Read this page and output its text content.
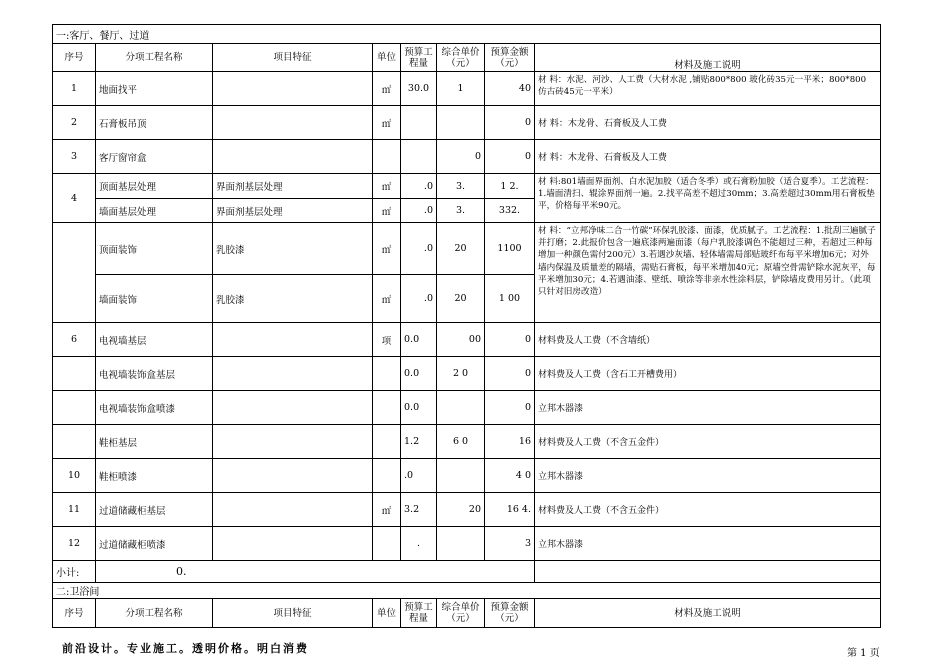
一:客厅、餐厅、过道							
序号	分项工程名称	项目特征	单位	预算工程量	综合单价（元）	预算金额（元）	材料及施工说明
1	地面找平		㎡	30.0	1	40	材 料：水泥、河沙、人工费（大材水泥 ,铺贴800*800 玻化砖35元一平米；800*800 仿古砖45元一平米）
2	石膏板吊顶		㎡			0	材 料：木龙骨、石膏板及人工费
3	客厅窗帘盒				0	0	材 料：木龙骨、石膏板及人工费
4	顶面基层处理	界面剂基层处理	㎡	.0	3.	1 2.	材 料:801墙面界面剂、白水泥加胶（适合冬季）或石膏粉加胶（适合夏季）。工艺流程：1.墙面清扫、辊涂界面剂一遍。2.找平高差不超过30mm；3.高差超过30mm用石膏板垫平，价格每平米90元。
	墙面基层处理	界面剂基层处理	㎡	.0	3.	332.	
	顶面装饰	乳胶漆	㎡	.0	20	1100	材 料：“立邦净味二合一竹碳”环保乳胶漆、面漆，优质腻子。工艺流程：1.批刮三遍腻子并打磨；2.此报价包含一遍底漆两遍面漆（每户乳胶漆调色不能超过三种，若超过三种每增加一种颜色需付200元）3.若遇沙灰墙、轻体墙需局部贴玻纤布每平米增加6元；对外墙内保温及质量差的隔墙，需贴石膏板，每平米增加40元；原墙空骨需铲除水泥灰平，每平米增加30元；4.若遇油漆、壁纸、喷涂等非亲水性涂料层，铲除墙皮费用另计。（此项只针对旧房改造）
	墙面装饰	乳胶漆	㎡	.0	20	1 00	
6	电视墙基层		项	0.0	00	0	材料费及人工费（不含墙纸）
	电视墙装饰盒基层			0.0	2 0	0	材料费及人工费（含石工开槽费用）
	电视墙装饰盒喷漆			0.0		0	立邦木器漆
	鞋柜基层			1.2	6 0	16	材料费及人工费（不含五金件）
10	鞋柜喷漆			.0		4 0	立邦木器漆
11	过道储藏柜基层		㎡	3.2	20	16 4.	材料费及人工费（不含五金件）
12	过道储藏柜喷漆			.		3	立邦木器漆
小计:	0.						
二:卫浴间							
序号	分项工程名称	项目特征	单位	预算工程量	综合单价（元）	预算金额（元）	材料及施工说明
前沿设计。专业施工。透明价格。明白消费	第 1 页
